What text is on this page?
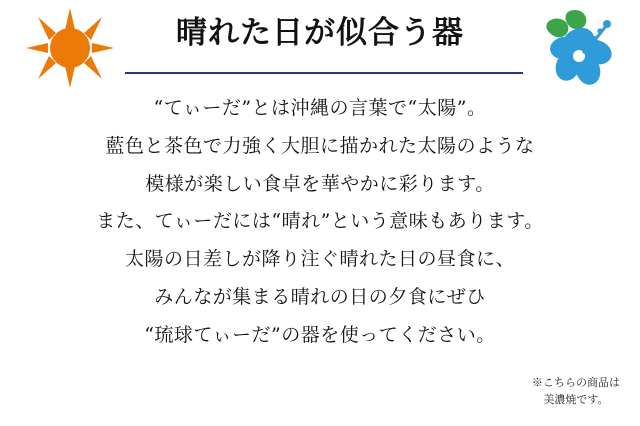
晴れた日が似合う器

“てぃーだ”とは沖縄の言葉で“太陽”。

藍色と茶色で力強く大胆に描かれた太陽のような

模様が楽しい食卓を華やかに彩ります。

また、てぃーだには“晴れ”という意味もあります。

太陽の日差しが降り注ぐ晴れた日の昼食に、

みんなが集まる晴れの日の夕食にぜひ

“琉球てぃーだ”の器を使ってください。

※こちらの商品は
美濃焼です。
